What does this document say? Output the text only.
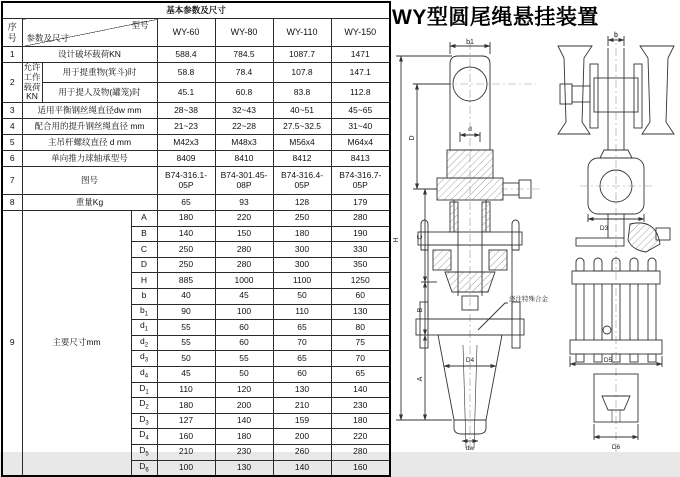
基本参数及尺寸							
序号	型号
参数及尺寸			WY-60	WY-80	WY-110	WY-150
1	设计破坏载荷KN			588.4	784.5	1087.7	1471
2	允许工作载荷KN	用于提重物(箕斗)时		58.8	78.4	107.8	147.1
		用于提人及物(罐笼)时		45.1	60.8	83.8	112.8
3	适用平衡钢丝绳直径dw mm			28~38	32~43	40~51	45~65
4	配合用的提升钢丝绳直径 mm			21~23	22~28	27.5~32.5	31~40
5	主吊杆螺纹直径 d mm			M42x3	M48x3	M56x4	M64x4
6	单向推力球轴承型号			8409	8410	8412	8413
7	图号			B74-316.1-05P	B74-301.45-08P	B74-316.4-05P	B74-316.7-05P
8	重量Kg			65	93	128	179
9	主要尺寸mm		A	180	220	250	280
			B	140	150	180	190
			C	250	280	300	330
			D	250	280	300	350
			H	885	1000	1100	1250
			b	40	45	50	60
			$b_1$	90	100	110	130
			$d_1$	55	60	65	80
			$d_2$	55	60	70	75
			$d_3$	50	55	65	70
			$d_4$	45	50	60	65
			$D_1$	110	120	130	140
			$D_2$	180	200	210	230
			$D_3$	127	140	159	180
			$D_4$	160	180	200	220
			$D_5$	210	230	260	280
			$D_6$	100	130	140	160
WY型圆尾绳悬挂装置
b1
d
H
D
C
B
A
D4
dw
浇注特殊合金
b
D3
D5
D6
